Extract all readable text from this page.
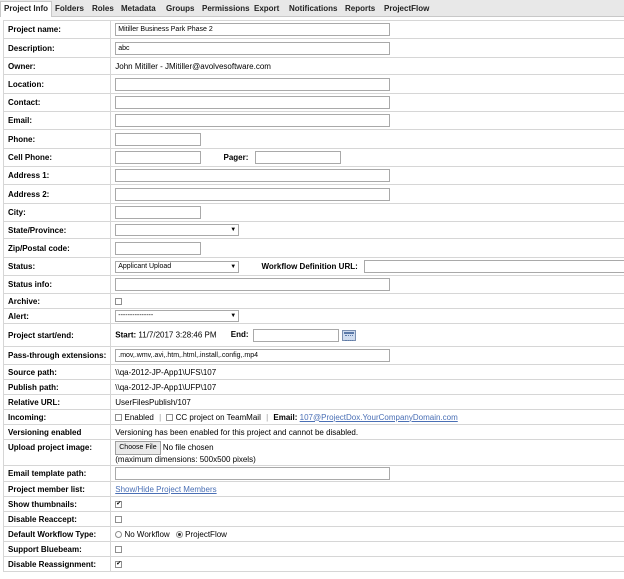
Project Info Folders Roles Metadata Groups Permissions Export Notifications Reports ProjectFlow
Project name:	Mitiller Business Park Phase 2
Description:	abc
Owner:	John Mitiller - JMitiller@avolvesoftware.com
Location:	
Contact:	
Email:	
Phone:	
Cell Phone:	Pager:
Address 1:	
Address 2:	
City:	
State/Province:	▼

Zip/Postal code:	
Status:	Applicant Upload ▼ Workflow Definition URL:
Status info:	
Archive:	
Alert:	--------------- ▼

Project start/end:	Start: 11/7/2017 3:28:46 PM End:
Pass-through extensions:	.mov,.wmv,.avi,.htm,.html,.install,.config,.mp4
Source path:	\\qa-2012-JP-App1\UFS\107
Publish path:	\\qa-2012-JP-App1\UFP\107
Relative URL:	UserFilesPublish/107
Incoming:	Enabled | CC project on TeamMail | Email: 107@ProjectDox.YourCompanyDomain.com
Versioning enabled	Versioning has been enabled for this project and cannot be disabled.
Upload project image:	Choose File No file chosen
(maximum dimensions: 500x500 pixels)

Email template path:	
Project member list:	Show/Hide Project Members
Show thumbnails:	✔
Disable Reaccept:	
Default Workflow Type:	No Workflow ProjectFlow
Support Bluebeam:	
Disable Reassignment:	✔
